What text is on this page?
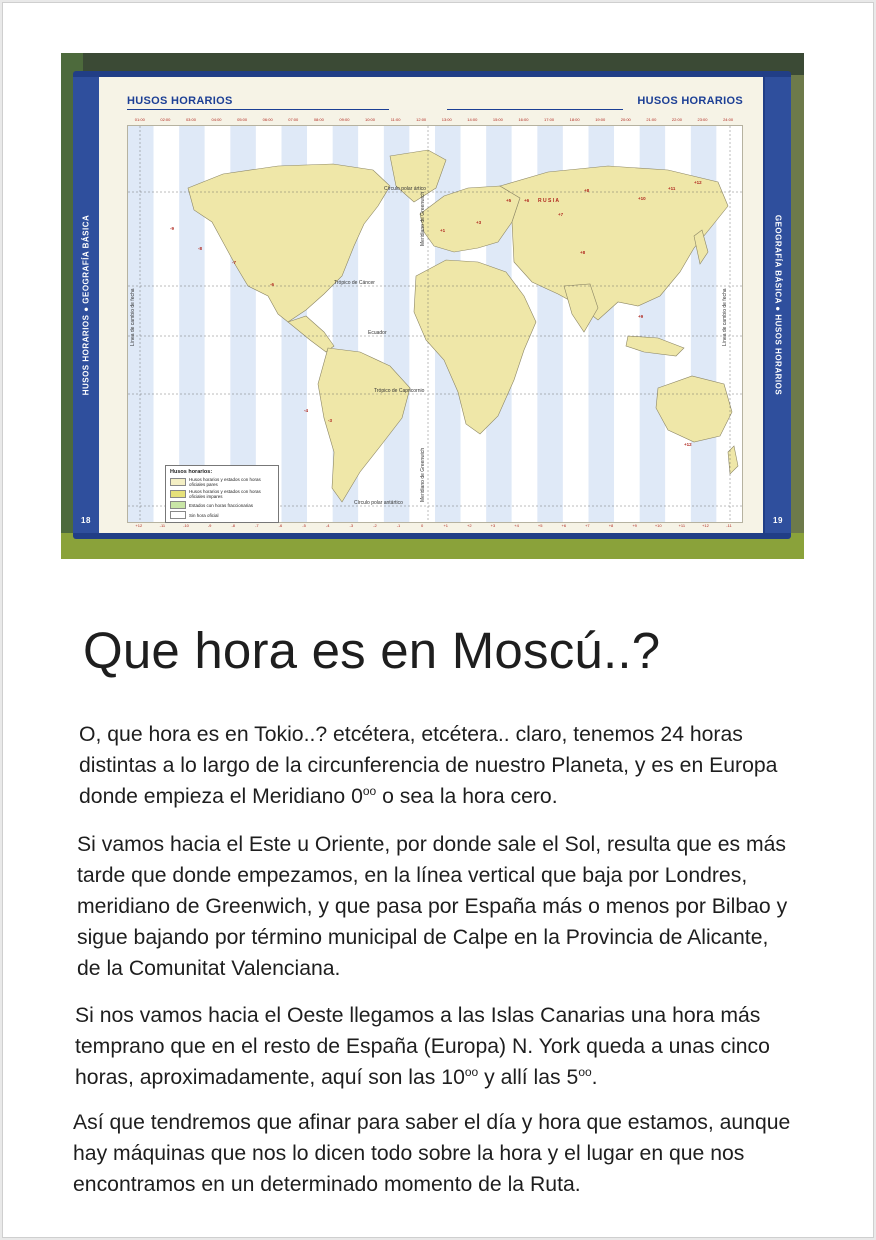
HUSOS HORARIOS ● GEOGRAFÍA BÁSICA
18
GEOGRAFÍA BÁSICA ● HUSOS HORARIOS
19
HUSOS HORARIOS	HUSOS HORARIOS
01:00	02:00	03:00	04:00	05:00	06:00	07:00	08:00	09:00	10:00	11:00	12:00	13:00	14:00	15:00	16:00	17:00	18:00	19:00	20:00	21:00	22:00	23:00	24:00
Meridiano de Greenwich
Meridiano de Greenwich
Círculo polar ártico
Trópico de Cáncer
Ecuador
Trópico de Capricornio
Círculo polar antártico
Línea de cambio de fecha	Línea de cambio de fecha
R U S I A
-9
-8
-7
-6
-4
-3
+1
+3
+5	+6
+7
+8
+10
+11
+12
+8
+9
+12
Husos horarios:
Husos horarios y estados con horas oficiales pares
Husos horarios y estados con horas oficiales impares
Estados con horas fraccionarias
Sin hora oficial
+12	-11	-10	-9	-8	-7	-6	-5	-4	-3	-2	-1	0	+1	+2	+3	+4	+5	+6	+7	+8	+9	+10	+11	+12	-11
Que hora es en Moscú..?
O, que hora es en Tokio..? etcétera, etcétera.. claro, tenemos 24 horas distintas a lo largo de la circunferencia de nuestro Planeta, y es en Europa donde empieza el Meridiano $0^{oo}$ o sea la hora cero.
Si vamos hacia el Este u Oriente, por donde sale el Sol, resulta que es más tarde que donde empezamos, en la línea vertical que baja por Londres, meridiano de Greenwich, y que pasa por España más o menos por Bilbao y sigue bajando por término municipal de Calpe en la Provincia de Alicante, de la Comunitat Valenciana.
Si nos vamos hacia el Oeste llegamos a las Islas Canarias una hora más temprano que en el resto de España (Europa) N. York queda a unas cinco horas, aproximadamente, aquí son las $10^{oo}$ y allí las $5^{oo}$.
Así que tendremos que afinar para saber el día y hora que estamos, aunque hay máquinas que nos lo dicen todo sobre la hora y el lugar en que nos encontramos en un determinado momento de la Ruta.
